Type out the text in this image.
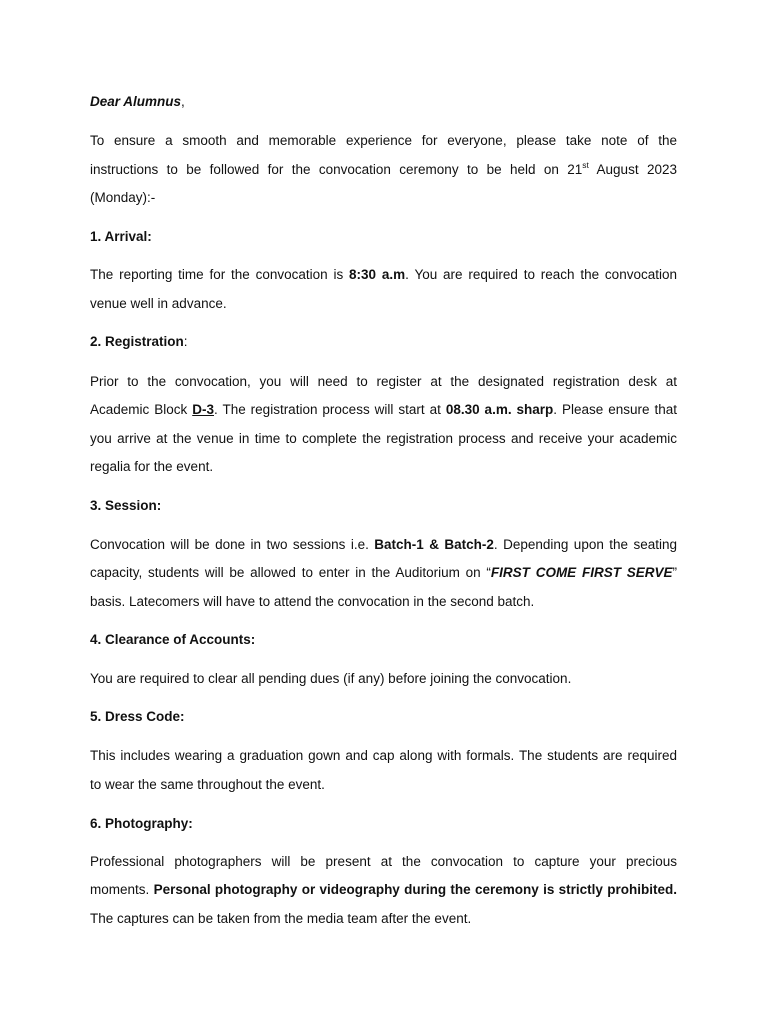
Dear Alumnus,

To ensure a smooth and memorable experience for everyone, please take note of the

instructions to be followed for the convocation ceremony to be held on 21st August 2023

(Monday):-

1. Arrival:

The reporting time for the convocation is 8:30 a.m. You are required to reach the convocation

venue well in advance.

2. Registration:

Prior to the convocation, you will need to register at the designated registration desk at

Academic Block D-3. The registration process will start at 08.30 a.m. sharp. Please ensure that

you arrive at the venue in time to complete the registration process and receive your academic

regalia for the event.

3. Session:

Convocation will be done in two sessions i.e. Batch-1 & Batch-2. Depending upon the seating

capacity, students will be allowed to enter in the Auditorium on “FIRST COME FIRST SERVE”

basis. Latecomers will have to attend the convocation in the second batch.

4. Clearance of Accounts:

You are required to clear all pending dues (if any) before joining the convocation.

5. Dress Code:

This includes wearing a graduation gown and cap along with formals. The students are required

to wear the same throughout the event.

6. Photography:

Professional photographers will be present at the convocation to capture your precious

moments. Personal photography or videography during the ceremony is strictly prohibited.

The captures can be taken from the media team after the event.
